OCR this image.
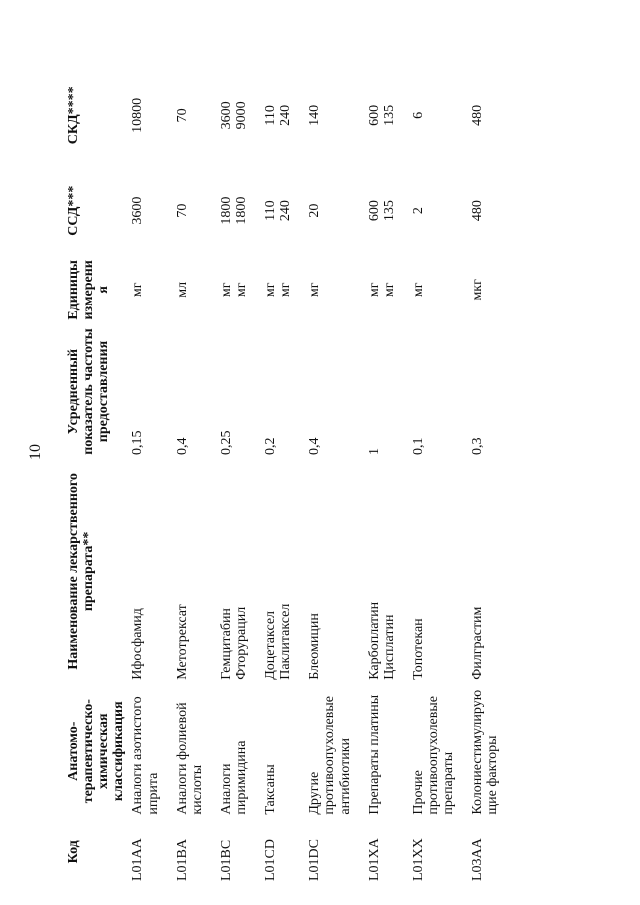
10
Код	Анатомо-терапевтическо-химическая классификация	Наименование лекарственного препарата**	Усредненный показатель частоты предоставления	Единицы измерения	ССД***	СКД****
L01AA	Аналоги азотистого иприта	Ифосфамид	0,15	мг	3600	10800

L01BA	Аналоги фолиевой кислоты	Метотрексат	0,4	мл	70	70

L01BC	Аналоги пиримидина	Гемцитабин Фторурацил	0,25	мг мг	1800 1800	3600 9000

L01CD	Таксаны	Доцетаксел Паклитаксел	0,2	мг мг	110 240	110 240

L01DC	Другие противоопухолевые антибиотики	Блеомицин	0,4	мг	20	140

L01XA	Препараты платины	Карбоплатин Цисплатин	1	мг мг	600 135	600 135

L01XX	Прочие противоопухолевые препараты	Топотекан	0,1	мг	2	6

L03AA	Колониестимулирующие факторы	Филграстим	0,3	мкг	480	480
